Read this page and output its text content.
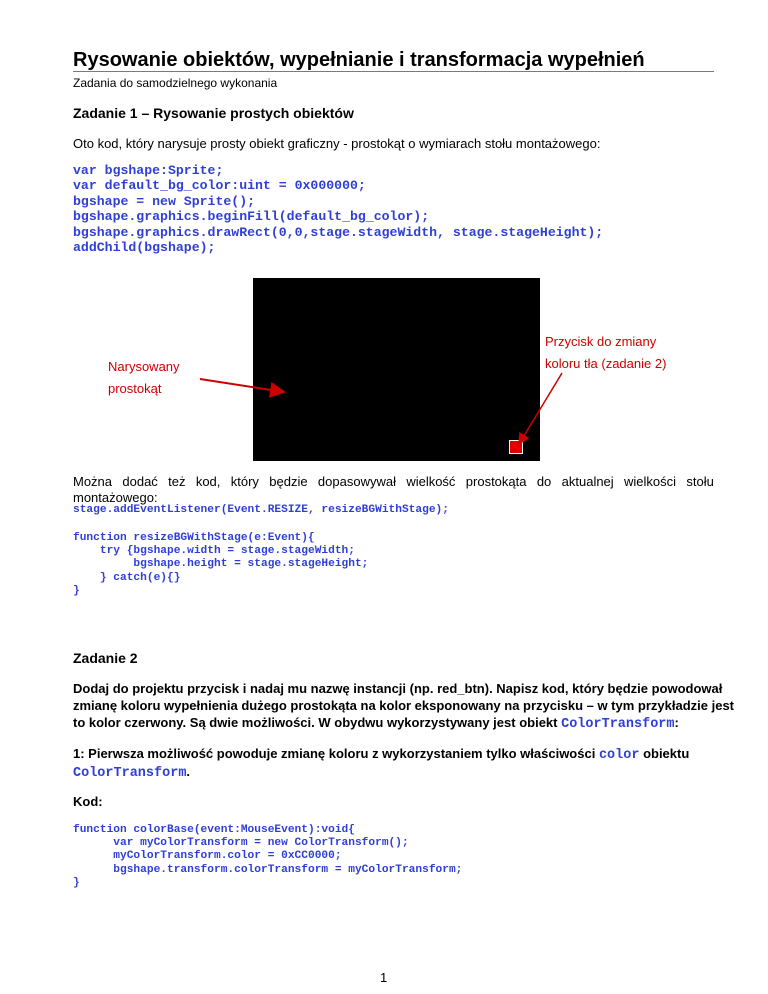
Rysowanie obiektów, wypełnianie i transformacja wypełnień
Zadania do samodzielnego wykonania
Zadanie 1 – Rysowanie prostych obiektów
Oto kod, który narysuje prosty obiekt graficzny - prostokąt o wymiarach stołu montażowego:
var bgshape:Sprite;
var default_bg_color:uint = 0x000000;
bgshape = new Sprite();
bgshape.graphics.beginFill(default_bg_color);
bgshape.graphics.drawRect(0,0,stage.stageWidth, stage.stageHeight);
addChild(bgshape);
Narysowany
prostokąt
Przycisk do zmiany
koloru tła (zadanie 2)
Można dodać też kod, który będzie dopasowywał wielkość prostokąta do aktualnej wielkości stołu
montażowego:
stage.addEventListener(Event.RESIZE, resizeBGWithStage);
function resizeBGWithStage(e:Event){
try {bgshape.width = stage.stageWidth;
bgshape.height = stage.stageHeight;
} catch(e){}
}
Zadanie 2
Dodaj do projektu przycisk i nadaj mu nazwę instancji (np. red_btn). Napisz kod, który będzie powodował
zmianę koloru wypełnienia dużego prostokąta na kolor eksponowany na przycisku – w tym przykładzie jest
to kolor czerwony. Są dwie możliwości. W obydwu wykorzystywany jest obiekt ColorTransform:
1: Pierwsza możliwość powoduje zmianę koloru z wykorzystaniem tylko właściwości color obiektu
ColorTransform.
Kod:
function colorBase(event:MouseEvent):void{
var myColorTransform = new ColorTransform();
myColorTransform.color = 0xCC0000;
bgshape.transform.colorTransform = myColorTransform;
}
1
